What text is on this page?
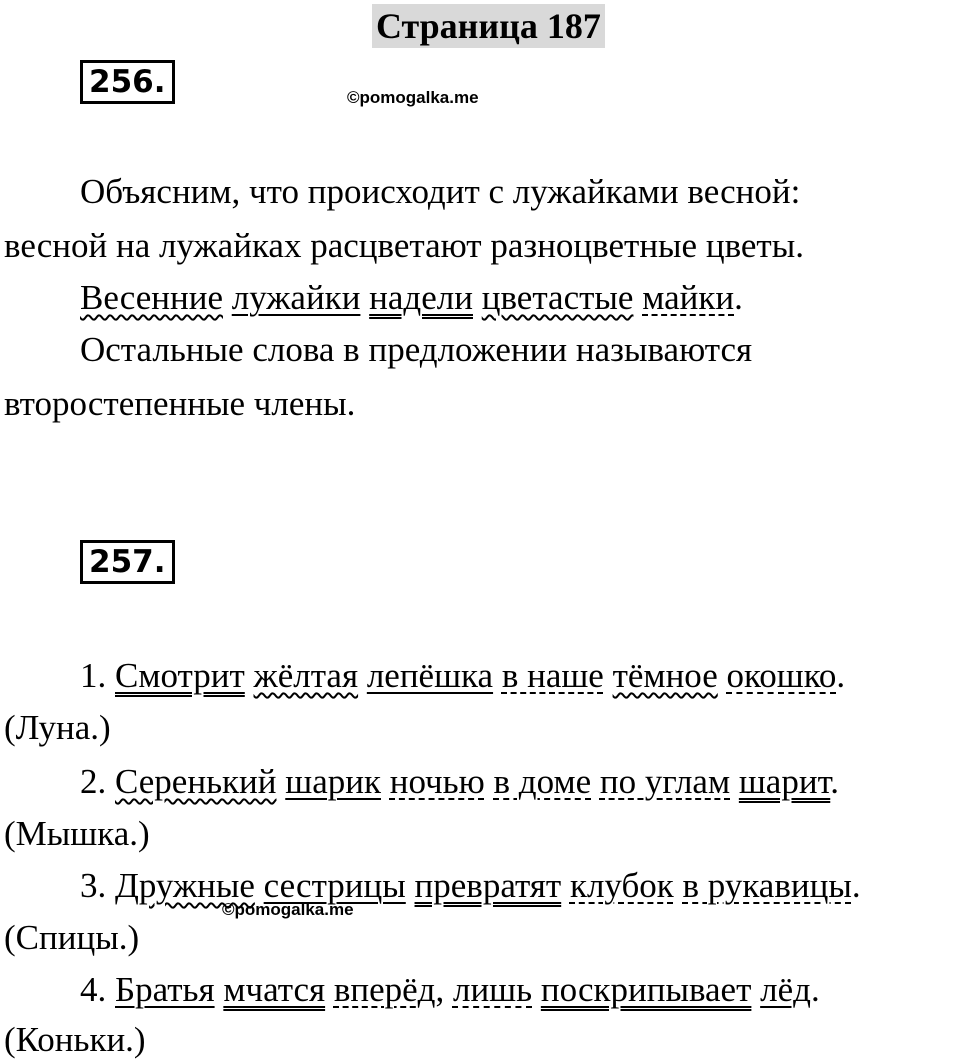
Страница 187
256.	©pomogalka.me
Объясним, что происходит с лужайками весной:
весной на лужайках расцветают разноцветные цветы.
Весенние лужайки надели цветастые майки.
Остальные слова в предложении называются
второстепенные члены.
257.
1. Смотрит жёлтая лепёшка в наше тёмное окошко.
(Луна.)
2. Серенький шарик ночью в доме по углам шарит.
(Мышка.)
3. Дружные сестрицы превратят клубок в рукавицы.
©pomogalka.me
(Спицы.)
4. Братья мчатся вперёд, лишь поскрипывает лёд.
(Коньки.)
